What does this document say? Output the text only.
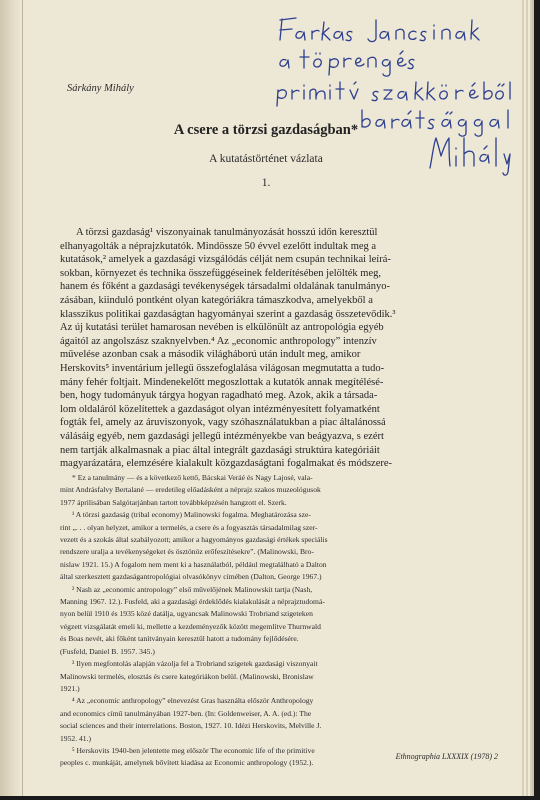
Sárkány Mihály
A csere a törzsi gazdaságban*
A kutatástörténet vázlata
1.
A törzsi gazdaság¹ viszonyainak tanulmányozását hosszú időn keresztül
elhanyagolták a néprajzkutatók. Mindössze 50 évvel ezelőtt indultak meg a
kutatások,² amelyek a gazdasági vizsgálódás célját nem csupán technikai leírá-
sokban, környezet és technika összefüggéseinek felderítésében jelölték meg,
hanem és főként a gazdasági tevékenységek társadalmi oldalának tanulmányo-
zásában, kiinduló pontként olyan kategóriákra támaszkodva, amelyekből a
klasszikus politikai gazdaságtan hagyományai szerint a gazdaság összetevődik.³
Az új kutatási terület hamarosan nevében is elkülönült az antropológia egyéb
ágaitól az angolszász szaknyelvben.⁴ Az „economic anthropology” intenzív
művelése azonban csak a második világháború után indult meg, amikor
Herskovits⁵ inventárium jellegű összefoglalása világosan megmutatta a tudo-
mány fehér foltjait. Mindenekelőtt megoszlottak a kutatók annak megítélésé-
ben, hogy tudományuk tárgya hogyan ragadható meg. Azok, akik a társada-
lom oldaláról közelítettek a gazdaságot olyan intézményesített folyamatként
fogták fel, amely az áruviszonyok, vagy szóhasználatukban a piac általánossá
válásáig egyéb, nem gazdasági jellegű intézményekbe van beágyazva, s ezért
nem tartják alkalmasnak a piac által integrált gazdasági struktúra kategóriáit
magyarázatára, elemzésére kialakult közgazdaságtani fogalmakat és módszere-

* Ez a tanulmány — és a következő kettő, Bácskai Veráé és Nagy Lajosé, vala-

mint Andrásfalvy Bertalané — eredetileg előadásként a néprajz szakos muzeológusok

1977 áprilisában Salgótarjánban tartott továbbképzésén hangzott el. Szerk.

¹ A törzsi gazdaság (tribal economy) Malinowski fogalma. Meghatározása sze-

rint „. . . olyan helyzet, amikor a termelés, a csere és a fogyasztás társadalmilag szer-

vezett és a szokás által szabályozott; amikor a hagyományos gazdasági értékek speciális

rendszere uralja a tevékenységeket és ösztönöz erőfeszítésekre”. (Malinowski, Bro-

nislaw 1921. 15.) A fogalom nem ment ki a használatból, például megtalálható a Dalton

által szerkesztett gazdaságantropológiai olvasókönyv címében (Dalton, George 1967.)

² Nash az „economic antropology” első művelőjének Malinowskit tartja (Nash,

Manning 1967. 12.). Fusfeld, aki a gazdasági érdeklődés kialakulását a néprajztudomá-

nyon belül 1910 és 1935 közé datálja, ugyancsak Malinowski Trobriand szigeteken

végzett vizsgálatát emeli ki, mellette a kezdeményezők között megemlítve Thurnwald

és Boas nevét, aki főként tanítványain keresztül hatott a tudomány fejlődésére.

(Fusfeld, Daniel B. 1957. 345.)

³ Ilyen megfontolás alapján vázolja fel a Trobriand szigetek gazdasági viszonyait

Malinowski termelés, elosztás és csere kategóriákon belül. (Malinowski, Bronislaw

1921.)

⁴ Az „economic anthropology” elnevezést Gras használta először Anthropology

and economics című tanulmányában 1927-ben. (In: Goldenweiser, A. A. (ed.): The

social sciences and their interrelations. Boston, 1927. 10. Idézi Herskovits, Melville J.

1952. 41.)

⁵ Herskovits 1940-ben jelentette meg először The economic life of the primitive

peoples c. munkáját, amelynek bővített kiadása az Economic anthropology (1952.).

Ethnographia LXXXIX (1978) 2
